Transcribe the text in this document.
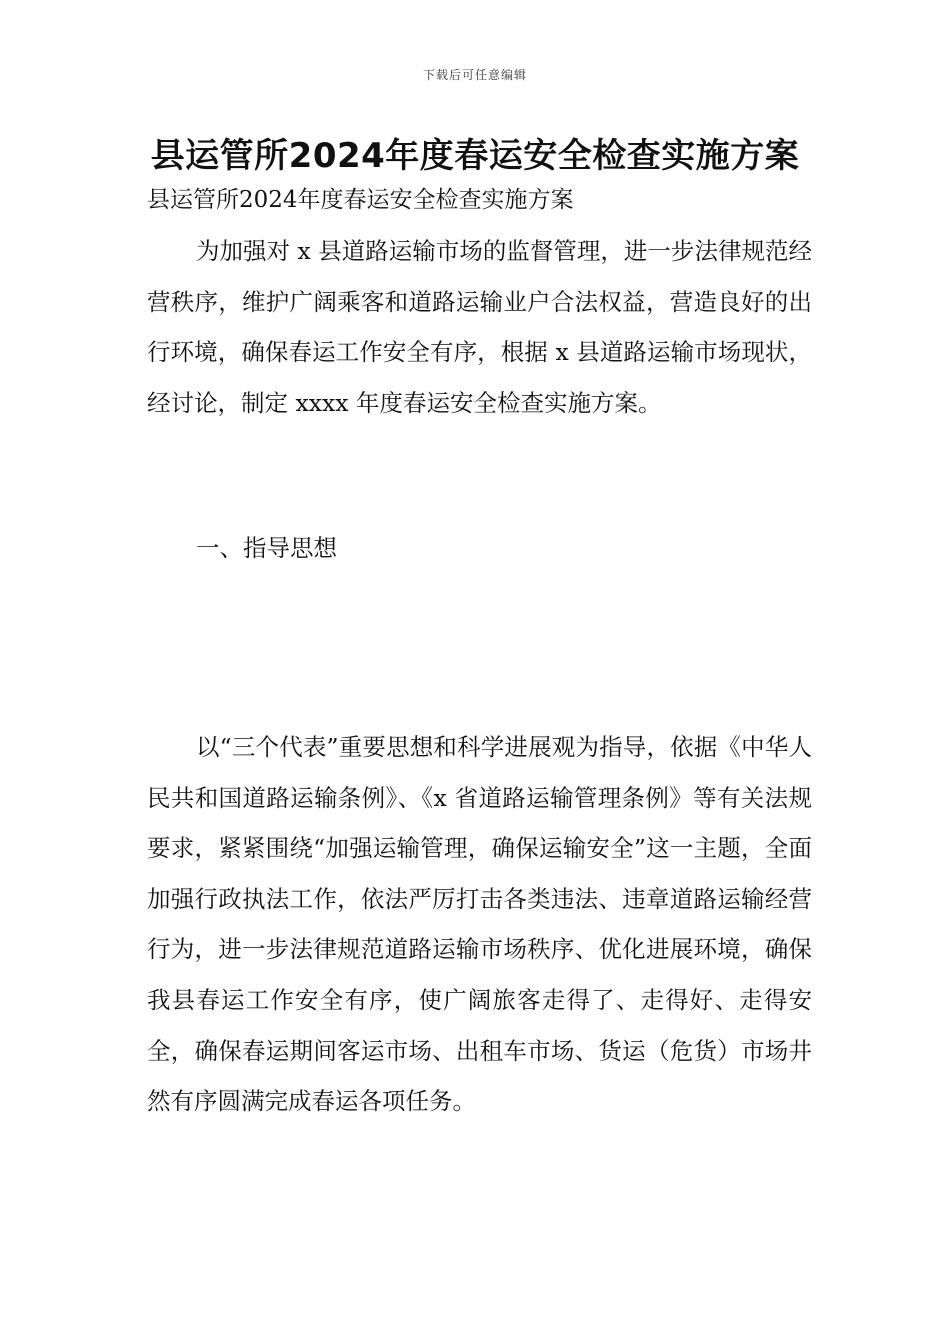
下载后可任意编辑
县运管所2024年度春运安全检查实施方案

县运管所2024年度春运安全检查实施方案

为加强对 x 县道路运输市场的监督管理，进一步法律规范经营秩序，维护广阔乘客和道路运输业户合法权益，营造良好的出行环境，确保春运工作安全有序，根据 x 县道路运输市场现状，经讨论，制定 xxxx 年度春运安全检查实施方案。

一、指导思想

以“三个代表”重要思想和科学进展观为指导，依据《中华人民共和国道路运输条例》、《x 省道路运输管理条例》等有关法规要求，紧紧围绕“加强运输管理，确保运输安全”这一主题，全面加强行政执法工作，依法严厉打击各类违法、违章道路运输经营行为，进一步法律规范道路运输市场秩序、优化进展环境，确保我县春运工作安全有序，使广阔旅客走得了、走得好、走得安全，确保春运期间客运市场、出租车市场、货运（危货）市场井然有序圆满完成春运各项任务。
